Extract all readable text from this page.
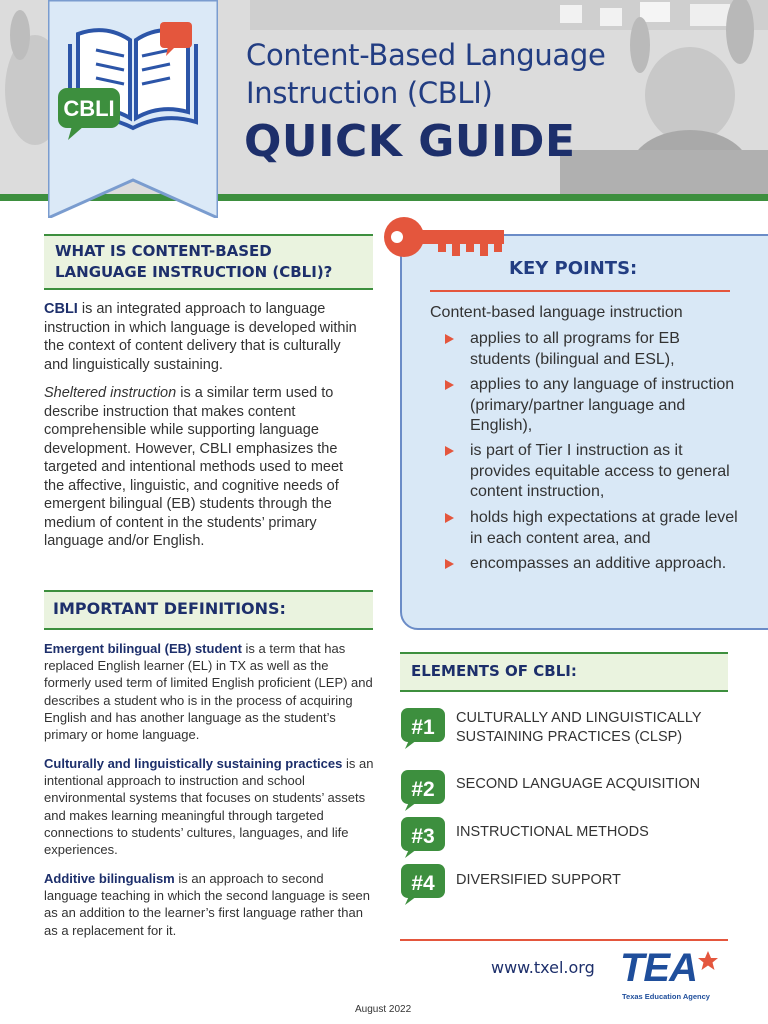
Content-Based Language
Instruction (CBLI)
QUICK GUIDE
CBLI
WHAT IS CONTENT-BASED
LANGUAGE INSTRUCTION (CBLI)?
CBLI is an integrated approach to language instruction in which language is developed within the context of content delivery that is culturally and linguistically sustaining.
Sheltered instruction is a similar term used to describe instruction that makes content comprehensible while supporting language development. However, CBLI emphasizes the targeted and intentional methods used to meet the affective, linguistic, and cognitive needs of emergent bilingual (EB) students through the medium of content in the students’ primary language and/or English.
IMPORTANT DEFINITIONS:
Emergent bilingual (EB) student is a term that has replaced English learner (EL) in TX as well as the formerly used term of limited English proficient (LEP) and describes a student who is in the process of acquiring English and has another language as the student’s primary or home language.
Culturally and linguistically sustaining practices is an intentional approach to instruction and school environmental systems that focuses on students’ assets and makes learning meaningful through targeted connections to students’ cultures, languages, and life experiences.
Additive bilingualism is an approach to second language teaching in which the second language is seen as an addition to the learner’s first language rather than as a replacement for it.
KEY POINTS:
Content-based language instruction
applies to all programs for EB students (bilingual and ESL),
applies to any language of instruction (primary/partner language and English),
is part of Tier I instruction as it provides equitable access to general content instruction,
holds high expectations at grade level in each content area, and
encompasses an additive approach.
ELEMENTS OF CBLI:
#1 CULTURALLY AND LINGUISTICALLY SUSTAINING PRACTICES (CLSP)
#2 SECOND LANGUAGE ACQUISITION
#3 INSTRUCTIONAL METHODS
#4 DIVERSIFIED SUPPORT
www.txel.org TEA
Texas Education Agency
August 2022
